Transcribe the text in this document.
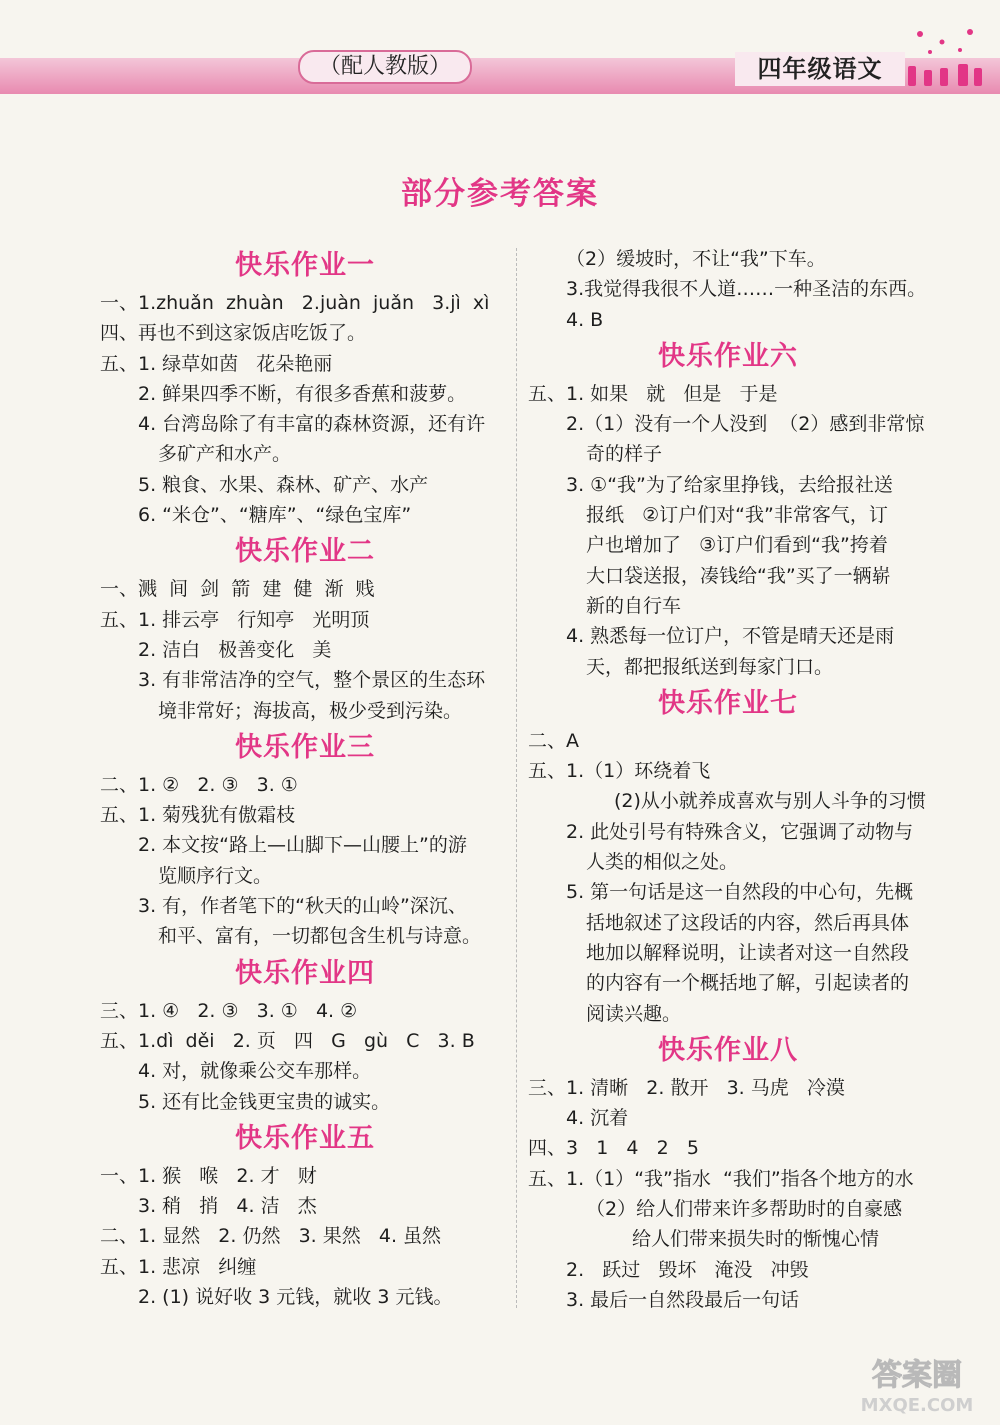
（配人教版）	四年级语文
部分参考答案
快乐作业一
一、1.zhuǎn  zhuàn   2.juàn  juǎn   3.jì  xì
四、再也不到这家饭店吃饭了。
五、1. 绿草如茵   花朵艳丽
2. 鲜果四季不断，有很多香蕉和菠萝。
4. 台湾岛除了有丰富的森林资源，还有许
多矿产和水产。
5. 粮食、水果、森林、矿产、水产
6. “米仓”、“糖库”、“绿色宝库”
快乐作业二
一、溅  间  剑  箭  建  健  渐  贱
五、1. 排云亭   行知亭   光明顶
2. 洁白   极善变化   美
3. 有非常洁净的空气，整个景区的生态环
境非常好；海拔高，极少受到污染。
快乐作业三
二、1. ②   2. ③   3. ①
五、1. 菊残犹有傲霜枝
2. 本文按“路上—山脚下—山腰上”的游
览顺序行文。
3. 有，作者笔下的“秋天的山岭”深沉、
和平、富有，一切都包含生机与诗意。
快乐作业四
三、1. ④   2. ③   3. ①   4. ②
五、1.dì  děi   2. 页   四   G   gù   C   3. B
4. 对，就像乘公交车那样。
5. 还有比金钱更宝贵的诚实。
快乐作业五
一、1. 猴   喉   2. 才   财
3. 稍   捎   4. 洁   杰
二、1. 显然   2. 仍然   3. 果然   4. 虽然
五、1. 悲凉   纠缠
2. (1) 说好收 3 元钱，就收 3 元钱。
（2）缓坡时，不让“我”下车。
3.我觉得我很不人道……一种圣洁的东西。
4. B
快乐作业六
五、1. 如果   就   但是   于是
2.（1）没有一个人没到  （2）感到非常惊
奇的样子
3. ①“我”为了给家里挣钱，去给报社送
报纸   ②订户们对“我”非常客气，订
户也增加了   ③订户们看到“我”挎着
大口袋送报，凑钱给“我”买了一辆崭
新的自行车
4. 熟悉每一位订户，不管是晴天还是雨
天，都把报纸送到每家门口。
快乐作业七
二、A
五、1.（1）环绕着飞
(2)从小就养成喜欢与别人斗争的习惯
2. 此处引号有特殊含义，它强调了动物与
人类的相似之处。
5. 第一句话是这一自然段的中心句，先概
括地叙述了这段话的内容，然后再具体
地加以解释说明，让读者对这一自然段
的内容有一个概括地了解，引起读者的
阅读兴趣。
快乐作业八
三、1. 清晰   2. 散开   3. 马虎   冷漠
4. 沉着
四、3   1   4   2   5
五、1.（1）“我”指水  “我们”指各个地方的水
（2）给人们带来许多帮助时的自豪感
给人们带来损失时的惭愧心情
2.   跃过   毁坏   淹没   冲毁
3. 最后一自然段最后一句话
答案圈
MXQE.COM
